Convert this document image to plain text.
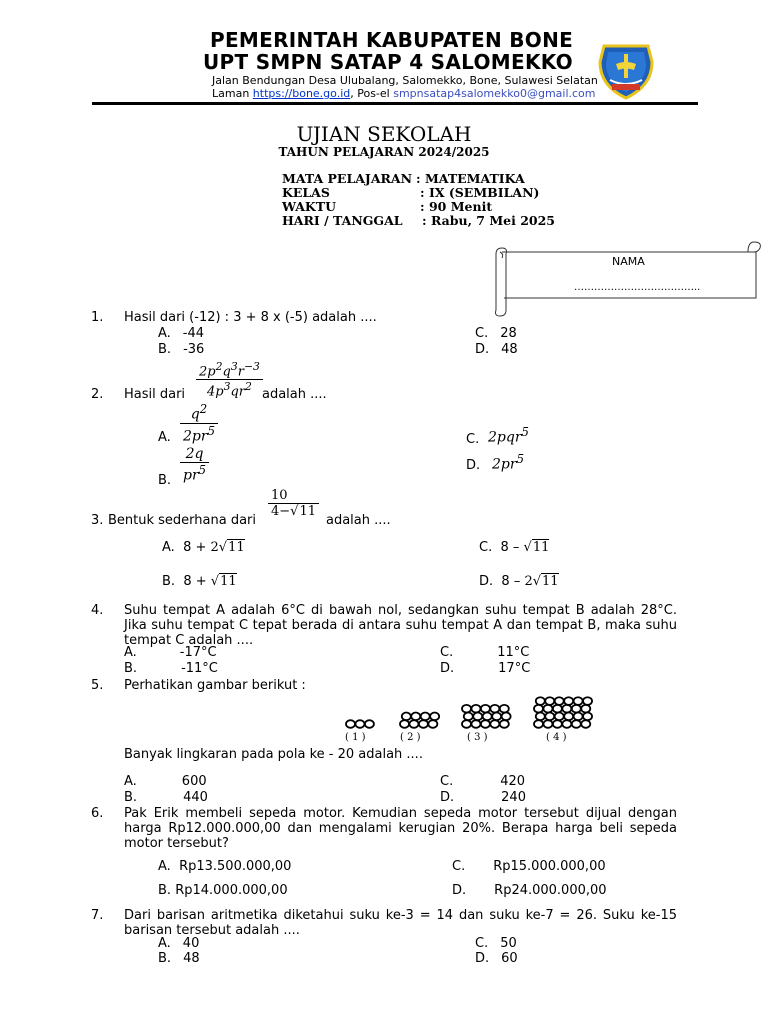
PEMERINTAH KABUPATEN BONE
UPT SMPN SATAP 4 SALOMEKKO
Jalan Bendungan Desa Ulubalang, Salomekko, Bone, Sulawesi Selatan
Laman https://bone.go.id, Pos-el smpnsatap4salomekko0@gmail.com
UJIAN SEKOLAH
TAHUN PELAJARAN 2024/2025
MATA PELAJARAN : MATEMATIKA
KELAS	: IX (SEMBILAN)
WAKTU	: 90 Menit
HARI / TANGGAL : Rabu, 7 Mei 2025
NAMA
………………………………..
1. Hasil dari (-12) : 3 + 8 x (-5) adalah ....
A. -44
B. -36
C. 28
D. 48
2. Hasil dari $\frac{2p^2q^3r^{-3}}{4p^3qr^2}$ adalah ....
A. $\frac{q^2}{2pr^5}$
B. $\frac{2q}{pr^5}$
C. 2pqr$^5$
D. $2pr^5$
3. Bentuk sederhana dari
$\frac{10}{4-√11}$
adalah ....
A. 8 + 2√11
B. 8 + √11
C. 8 – √11
D. 8 – 2√11
4. Suhu tempat A adalah 6°C di bawah nol, sedangkan suhu tempat B adalah 28°C. Jika suhu tempat C tepat berada di antara suhu tempat A dan tempat B, maka suhu tempat C adalah ....
A.	-17°C
B.	-11°C
C.	11°C
D.	17°C
5. Perhatikan gambar berikut :
( 1 )	( 2 )	( 3 )	( 4 )
Banyak lingkaran pada pola ke - 20 adalah ....
A.	600
B.	440
C.	420
D.	240
6. Pak Erik membeli sepeda motor. Kemudian sepeda motor tersebut dijual dengan harga Rp12.000.000,00 dan mengalami kerugian 20%. Berapa harga beli sepeda motor tersebut?
A. Rp13.500.000,00
B. Rp14.000.000,00
C. Rp15.000.000,00
D. Rp24.000.000,00
7. Dari barisan aritmetika diketahui suku ke-3 = 14 dan suku ke-7 = 26. Suku ke-15 barisan tersebut adalah ....
A. 40
B. 48
C. 50
D. 60
